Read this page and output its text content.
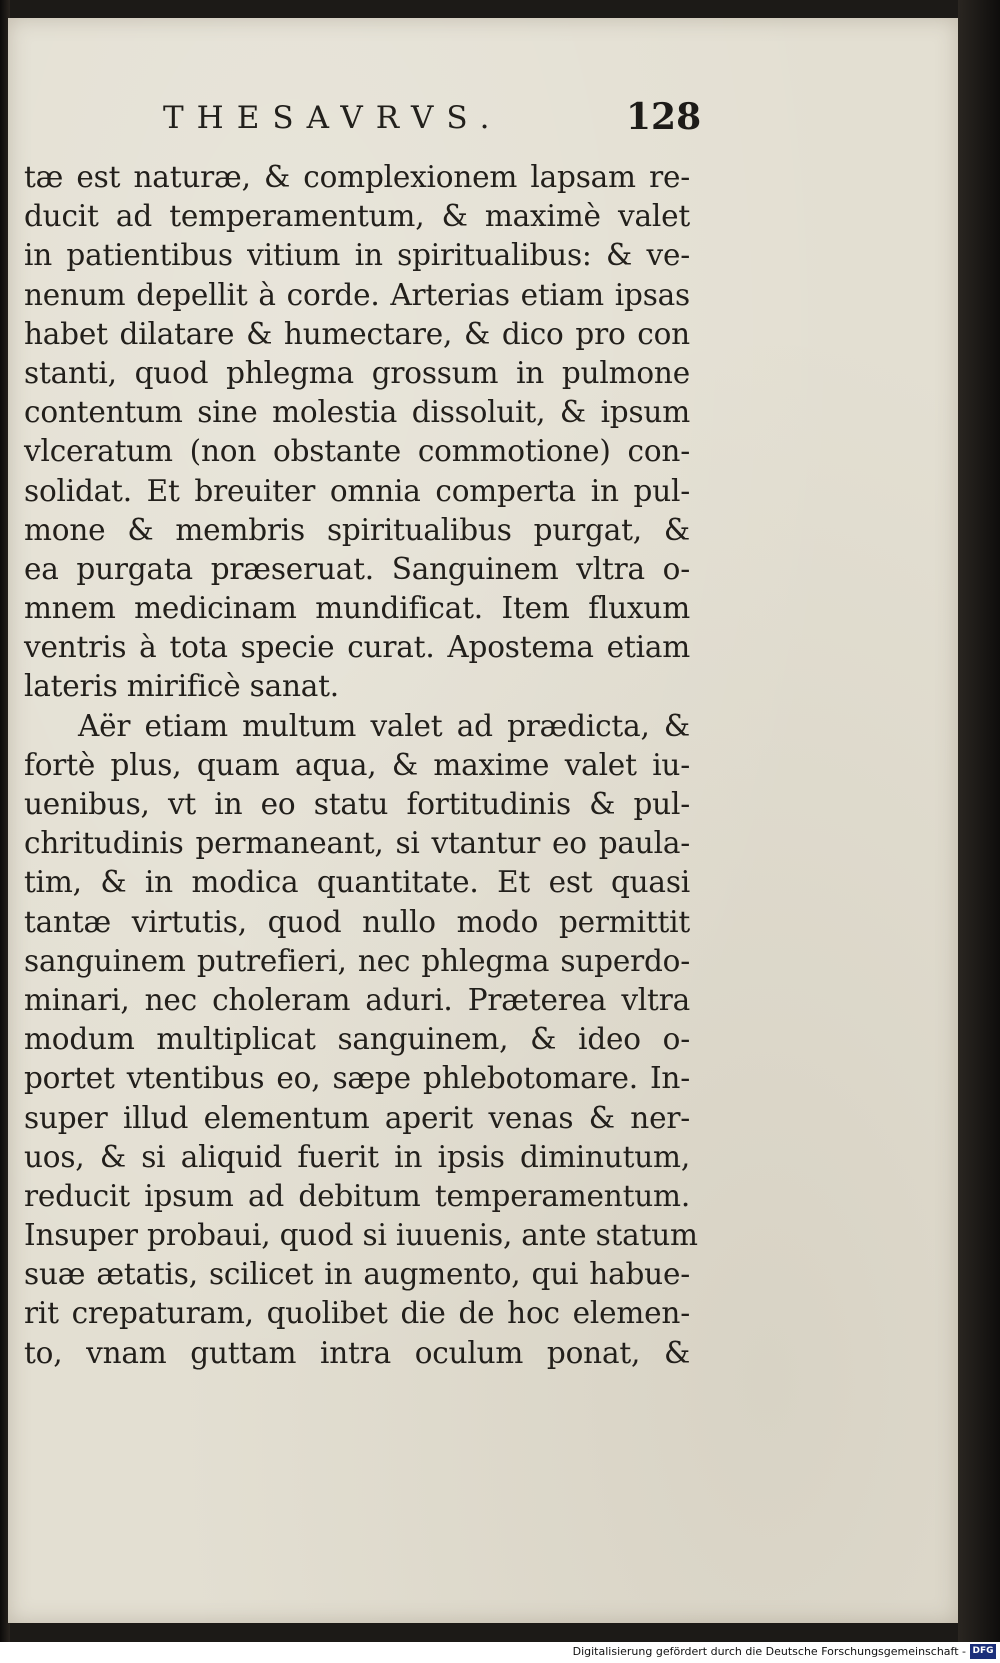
THESAVRVS.	128
tæ est naturæ, & complexionem lapsam re-
ducit ad temperamentum, & maximè valet
in patientibus vitium in spiritualibus: & ve-
nenum depellit à corde. Arterias etiam ipsas
habet dilatare & humectare, & dico pro con
stanti, quod phlegma grossum in pulmone
contentum sine molestia dissoluit, & ipsum
vlceratum (non obstante commotione) con-
solidat. Et breuiter omnia comperta in pul-
mone & membris spiritualibus purgat, &
ea purgata præseruat. Sanguinem vltra o-
mnem medicinam mundificat. Item fluxum
ventris à tota specie curat. Apostema etiam
lateris mirificè sanat.
Aër etiam multum valet ad prædicta, &
fortè plus, quam aqua, & maxime valet iu-
uenibus, vt in eo statu fortitudinis & pul-
chritudinis permaneant, si vtantur eo paula-
tim, & in modica quantitate. Et est quasi
tantæ virtutis, quod nullo modo permittit
sanguinem putrefieri, nec phlegma superdo-
minari, nec choleram aduri. Præterea vltra
modum multiplicat sanguinem, & ideo o-
portet vtentibus eo, sæpe phlebotomare. In-
super illud elementum aperit venas & ner-
uos, & si aliquid fuerit in ipsis diminutum,
reducit ipsum ad debitum temperamentum.
Insuper probaui, quod si iuuenis, ante statum
suæ ætatis, scilicet in augmento, qui habue-
rit crepaturam, quolibet die de hoc elemen-
to, vnam guttam intra oculum ponat, &
Digitalisierung gefördert durch die Deutsche Forschungsgemeinschaft - DFG
